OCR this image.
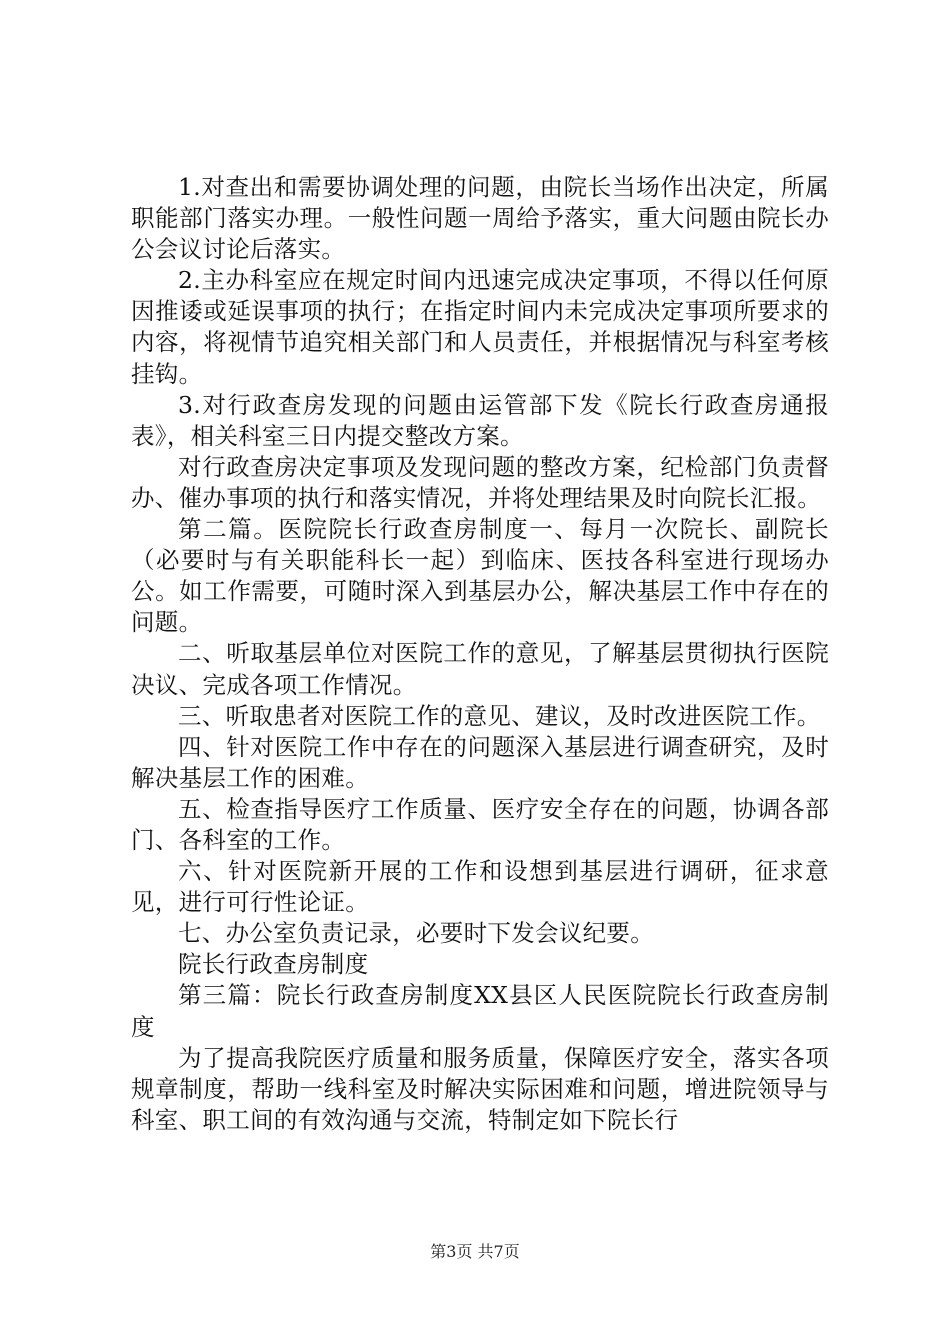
1.对查出和需要协调处理的问题，由院长当场作出决定，所属职能部门落实办理。一般性问题一周给予落实，重大问题由院长办公会议讨论后落实。

2.主办科室应在规定时间内迅速完成决定事项，不得以任何原因推诿或延误事项的执行；在指定时间内未完成决定事项所要求的内容，将视情节追究相关部门和人员责任，并根据情况与科室考核挂钩。

3.对行政查房发现的问题由运管部下发《院长行政查房通报表》，相关科室三日内提交整改方案。

对行政查房决定事项及发现问题的整改方案，纪检部门负责督办、催办事项的执行和落实情况，并将处理结果及时向院长汇报。

第二篇。医院院长行政查房制度一、每月一次院长、副院长（必要时与有关职能科长一起）到临床、医技各科室进行现场办公。如工作需要，可随时深入到基层办公，解决基层工作中存在的问题。

二、听取基层单位对医院工作的意见，了解基层贯彻执行医院决议、完成各项工作情况。

三、听取患者对医院工作的意见、建议，及时改进医院工作。

四、针对医院工作中存在的问题深入基层进行调查研究，及时解决基层工作的困难。

五、检查指导医疗工作质量、医疗安全存在的问题，协调各部门、各科室的工作。

六、针对医院新开展的工作和设想到基层进行调研，征求意见，进行可行性论证。

七、办公室负责记录，必要时下发会议纪要。

院长行政查房制度

第三篇：院长行政查房制度XX县区人民医院院长行政查房制度

为了提高我院医疗质量和服务质量，保障医疗安全，落实各项规章制度，帮助一线科室及时解决实际困难和问题，增进院领导与科室、职工间的有效沟通与交流，特制定如下院长行

第3页 共7页
